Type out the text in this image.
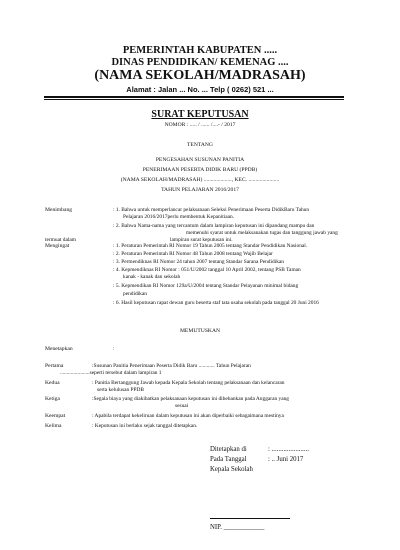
PEMERINTAH KABUPATEN .....
DINAS PENDIDIKAN/ KEMENAG ....
(NAMA SEKOLAH/MADRASAH)
Alamat : Jalan ... No. ... Telp ( 0262) 521 ...
SURAT KEPUTUSAN
NOMOR : ..... / ...... /....- / 2017
TENTANG
PENGESAHAN SUSUNAN PANITIA
PENERIMAAN PESERTA DIDIK BARU (PPDB)
(NAMA SEKOLAH/MADRASAH) ...................., KEC. ......................
TAHUN PELAJARAN 2016/2017
Menimbang	: 1. Bahwa untuk memperlancar pelaksanaan Seleksi Penerimaan Peserta DidikBaru Tahun
Pelajaran 2016/2017perlu membentuk Kepanitiaan.
: 2. Bahwa Nama-nama yang tercantum dalam lampiran keputusan ini dipandang mampu dan
memenuhi syarat untuk melaksanakan tugas dan tanggung jawab yang
termuat dalam	lampiran surat keputusan ini.
Mengingat	: 1. Peraturan Pemerintah RI Nomor 19 Tahun 2005 tentang Standar Pendidikan Nasional.
: 2. Peraturan Pemerintah RI Nomor 48 Tahun 2008 tentang Wajib Belajar
: 3. Permendiknas RI Nomor 24 tahun 2007 tentang Standar Sarana Pendidikan
: 4. Kepmendiknas RI Nomor : 051/U/2002 tanggal 10 April 2002, tentang PSB Taman
kanak - kanak dan sekolah
: 5. Kepmendikan RI Nomor 129a/U/2004 tentang Standar Pelayanan minimal bidang
pendidikan
: 6. Hasil keputusan rapat dewan guru beserta staf tata usaha sekolah pada tanggal 20 Juni 2016
MEMUTUSKAN
Menetapkan	:
Pertama	:Susunan Panitia Penerimaan Peserta Didik Baru ............ Tahun Pelajaran
......................seperti tersebut dalam lampiran 1
Kedua	: Panitia Bertanggung Jawab kepada Kepala Sekolah tentang pelaksanaan dan kelancaran
serta kelulusan PPDB
Ketiga	:Segala biaya yang diakibatkan pelaksanaan keputusan ini dibebankan pada Anggaran yang
sesuai
Keempat	: Apabila terdapat kekeliruan dalam keputusan ini akan diperbaiki sebagaimana mestinya
Kelima	: Keputusan ini berlaku sejak tanggal ditetapkan.
Ditetapkan di	: ......................
Pada Tanggal	: .. Juni 2017
Kepala Sekolah
NIP. ____________
